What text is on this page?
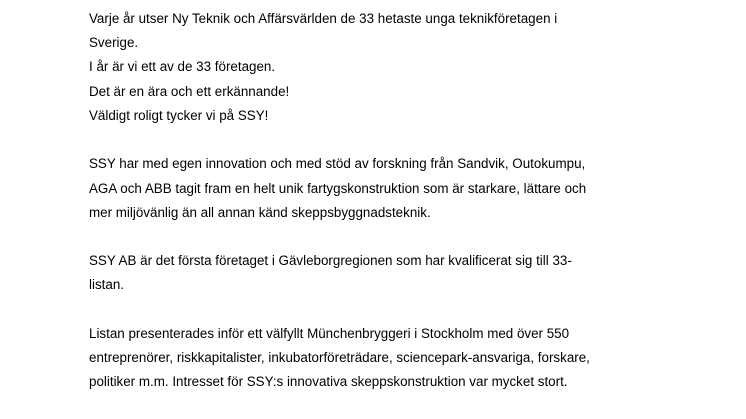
Varje år utser Ny Teknik och Affärsvärlden de 33 hetaste unga teknikföretagen i
Sverige.
I år är vi ett av de 33 företagen.
Det är en ära och ett erkännande!
Väldigt roligt tycker vi på SSY!
SSY har med egen innovation och med stöd av forskning från Sandvik, Outokumpu,
AGA och ABB tagit fram en helt unik fartygskonstruktion som är starkare, lättare och
mer miljövänlig än all annan känd skeppsbyggnadsteknik.
SSY AB är det första företaget i Gävleborgregionen som har kvalificerat sig till 33-
listan.
Listan presenterades inför ett välfyllt Münchenbryggeri i Stockholm med över 550
entreprenörer, riskkapitalister, inkubatorföreträdare, sciencepark-ansvariga, forskare,
politiker m.m. Intresset för SSY:s innovativa skeppskonstruktion var mycket stort.
